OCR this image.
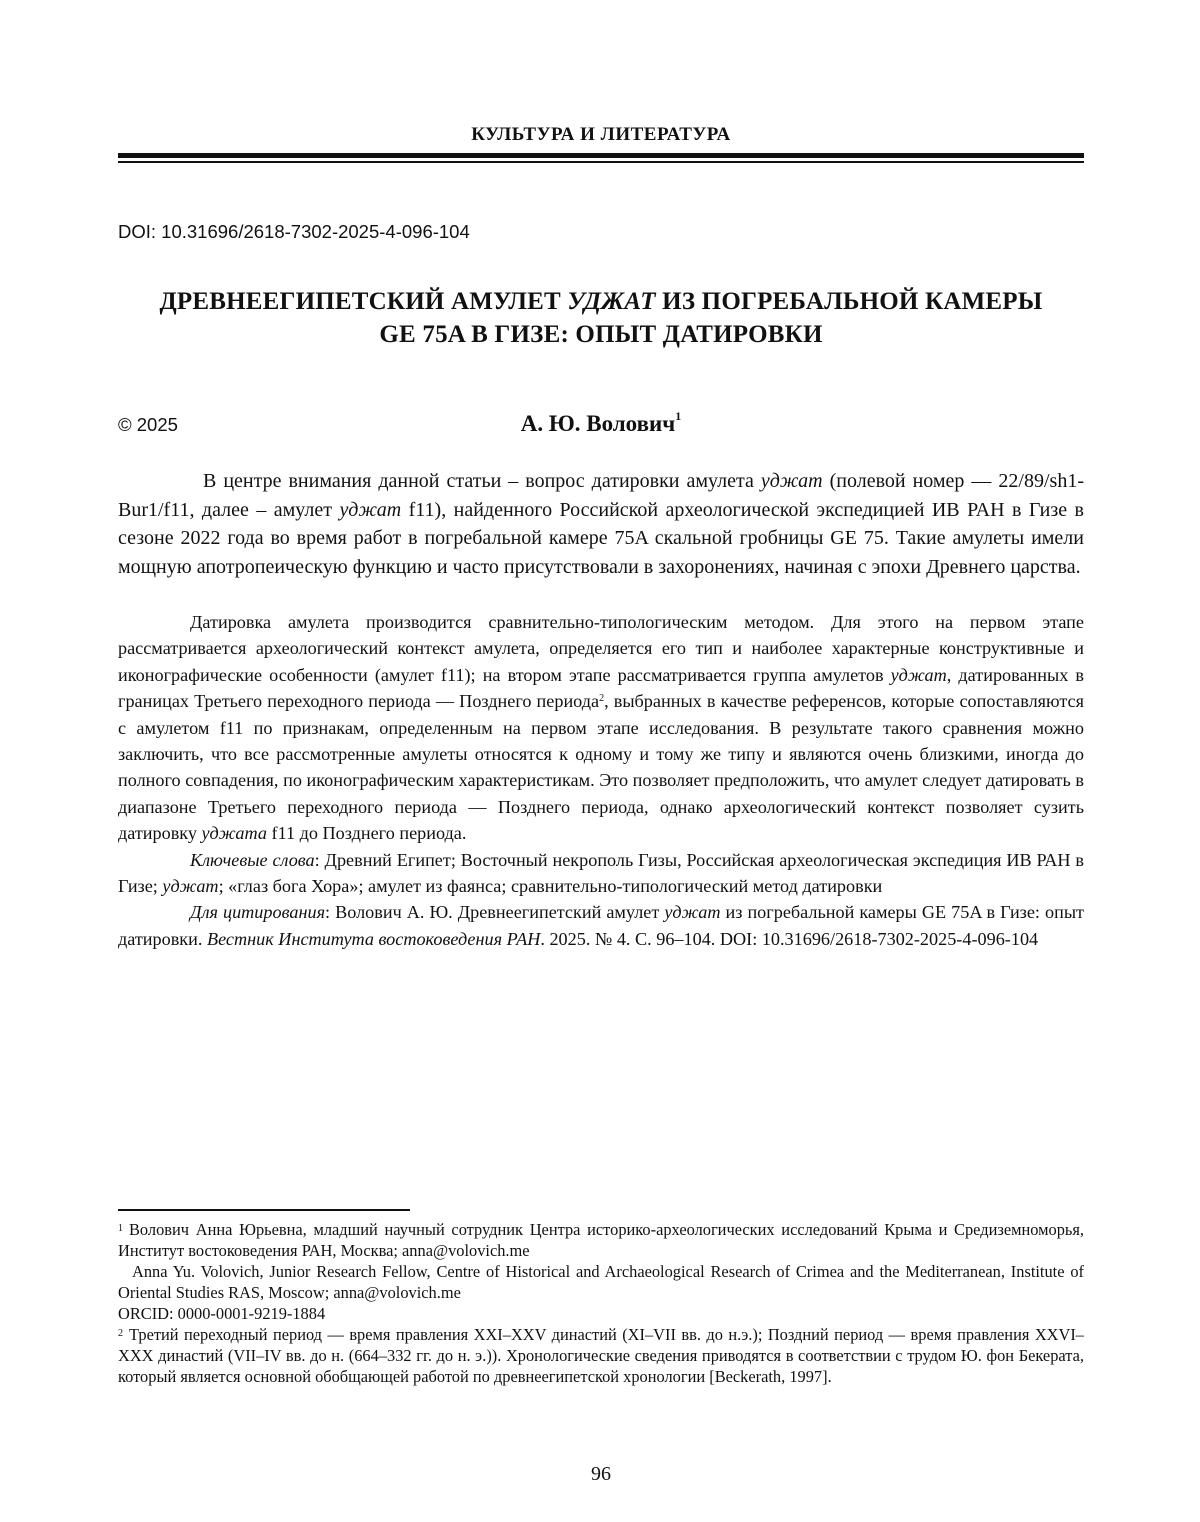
КУЛЬТУРА И ЛИТЕРАТУРА
DOI: 10.31696/2618-7302-2025-4-096-104
ДРЕВНЕЕГИПЕТСКИЙ АМУЛЕТ УДЖАТ ИЗ ПОГРЕБАЛЬНОЙ КАМЕРЫ
GE 75A В ГИЗЕ: ОПЫТ ДАТИРОВКИ
© 2025	А. Ю. Волович$^1$

В центре внимания данной статьи – вопрос датировки амулета уджат (полевой номер — 22/89/sh1-Bur1/f11, далее – амулет уджат f11), найденного Российской археологической экспедицией ИВ РАН в Гизе в сезоне 2022 года во время работ в погребальной камере 75A скальной гробницы GE 75. Такие амулеты имели мощную апотропеическую функцию и часто присутствовали в захоронениях, начиная с эпохи Древнего царства.

Датировка амулета производится сравнительно-типологическим методом. Для этого на первом этапе рассматривается археологический контекст амулета, определяется его тип и наиболее характерные конструктивные и иконографические особенности (амулет f11); на втором этапе рассматривается группа амулетов уджат, датированных в границах Третьего переходного периода — Позднего периода$^2$, выбранных в качестве референсов, которые сопоставляются с амулетом f11 по признакам, определенным на первом этапе исследования. В результате такого сравнения можно заключить, что все рассмотренные амулеты относятся к одному и тому же типу и являются очень близкими, иногда до полного совпадения, по иконографическим характеристикам. Это позволяет предположить, что амулет следует датировать в диапазоне Третьего переходного периода — Позднего периода, однако археологический контекст позволяет сузить датировку уджата f11 до Позднего периода.

Ключевые слова: Древний Египет; Восточный некрополь Гизы, Российская археологическая экспедиция ИВ РАН в Гизе; уджат; «глаз бога Хора»; амулет из фаянса; сравнительно-типологический метод датировки

Для цитирования: Волович А. Ю. Древнеегипетский амулет уджат из погребальной камеры GE 75A в Гизе: опыт датировки. Вестник Института востоковедения РАН. 2025. № 4. С. 96–104. DOI: 10.31696/2618-7302-2025-4-096-104

$^1$ Волович Анна Юрьевна, младший научный сотрудник Центра историко-археологических исследований Крыма и Средиземноморья, Институт востоковедения РАН, Москва; anna@volovich.me

Anna Yu. Volovich, Junior Research Fellow, Centre of Historical and Archaeological Research of Crimea and the Mediterranean, Institute of Oriental Studies RAS, Moscow; anna@volovich.me

ORCID: 0000-0001-9219-1884

$^2$ Третий переходный период — время правления XXI–XXV династий (XI–VII вв. до н.э.); Поздний период — время правления XXVI–XXX династий (VII–IV вв. до н. (664–332 гг. до н. э.)). Хронологические сведения приводятся в соответствии с трудом Ю. фон Бекерата, который является основной обобщающей работой по древнеегипетской хронологии [Beckerath, 1997].

96
